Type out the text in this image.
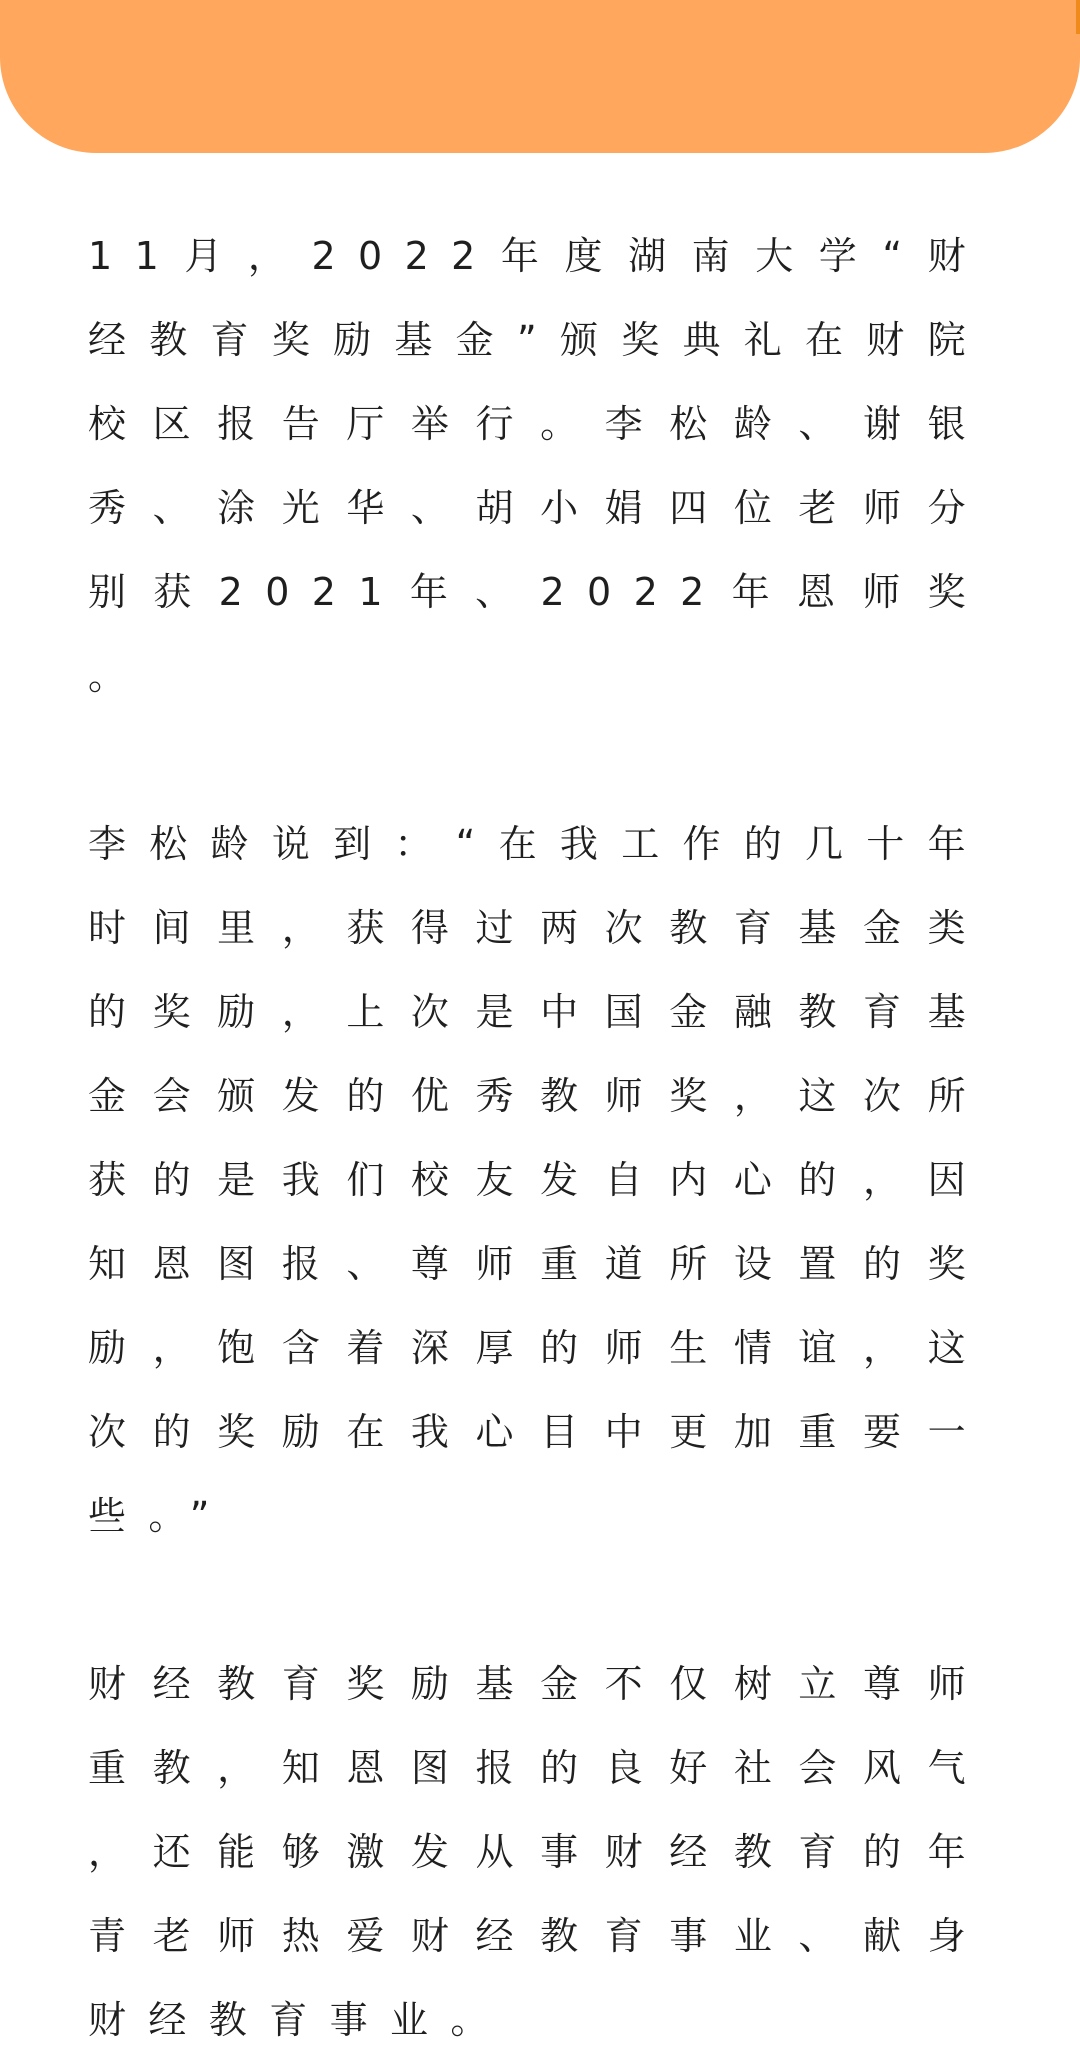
11月，2022年度湖南大学“财经教育奖励基金”颁奖典礼在财院校区报告厅举行。李松龄、谢银秀、涂光华、胡小娟四位老师分别获2021年、2022年恩师奖。

李松龄说到：“在我工作的几十年时间里，获得过两次教育基金类的奖励，上次是中国金融教育基金会颁发的优秀教师奖，这次所获的是我们校友发自内心的，因知恩图报、尊师重道所设置的奖励，饱含着深厚的师生情谊，这次的奖励在我心目中更加重要一些。”

财经教育奖励基金不仅树立尊师重教，知恩图报的良好社会风气，还能够激发从事财经教育的年青老师热爱财经教育事业、献身财经教育事业。
